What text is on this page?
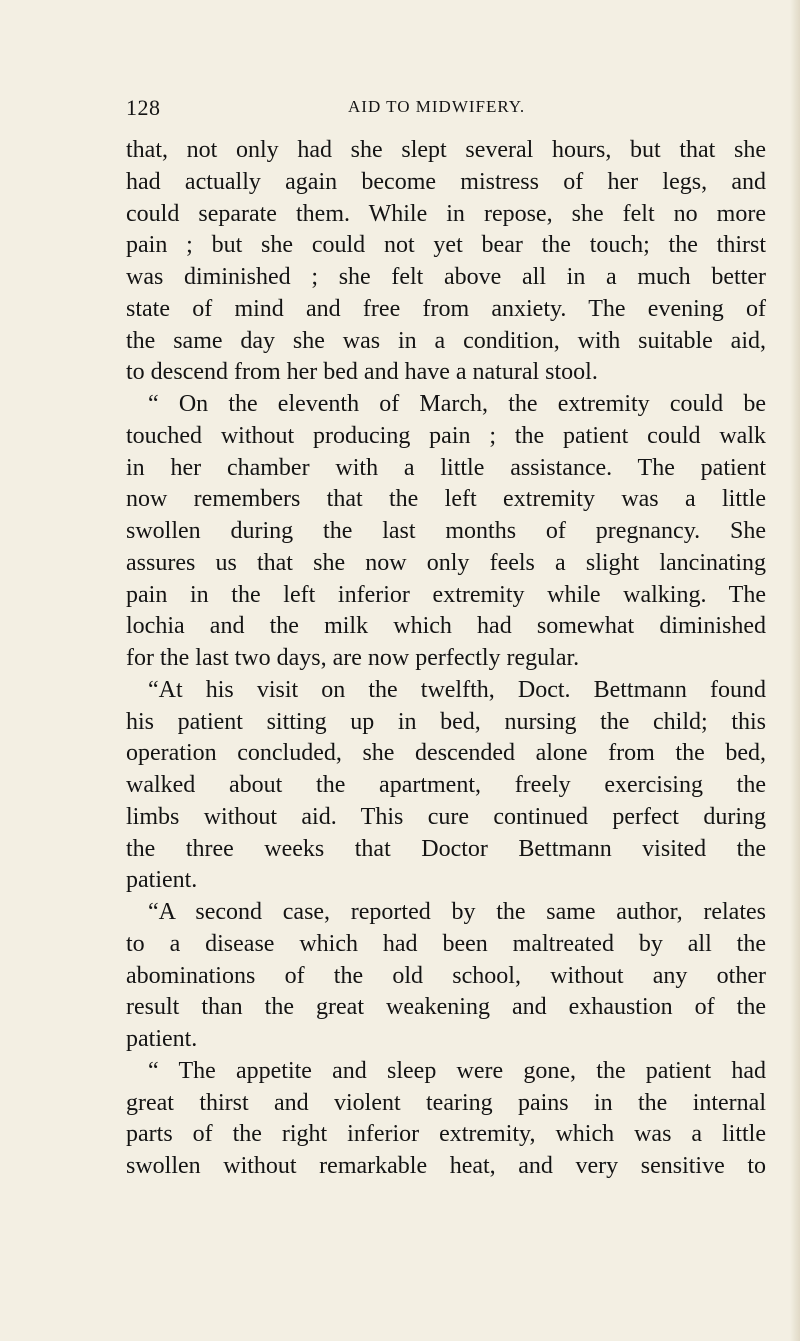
128	AID TO MIDWIFERY.
that, not only had she slept several hours, but that she
had actually again become mistress of her legs, and
could separate them. While in repose, she felt no more
pain ; but she could not yet bear the touch; the thirst
was diminished ; she felt above all in a much better
state of mind and free from anxiety. The evening of
the same day she was in a condition, with suitable aid,
to descend from her bed and have a natural stool.
“ On the eleventh of March, the extremity could be
touched without producing pain ; the patient could walk
in her chamber with a little assistance. The patient
now remembers that the left extremity was a little
swollen during the last months of pregnancy. She
assures us that she now only feels a slight lancinating
pain in the left inferior extremity while walking. The
lochia and the milk which had somewhat diminished
for the last two days, are now perfectly regular.
“At his visit on the twelfth, Doct. Bettmann found
his patient sitting up in bed, nursing the child; this
operation concluded, she descended alone from the bed,
walked about the apartment, freely exercising the
limbs without aid. This cure continued perfect during
the three weeks that Doctor Bettmann visited the
patient.
“A second case, reported by the same author, relates
to a disease which had been maltreated by all the
abominations of the old school, without any other
result than the great weakening and exhaustion of the
patient.
“ The appetite and sleep were gone, the patient had
great thirst and violent tearing pains in the internal
parts of the right inferior extremity, which was a little
swollen without remarkable heat, and very sensitive to
